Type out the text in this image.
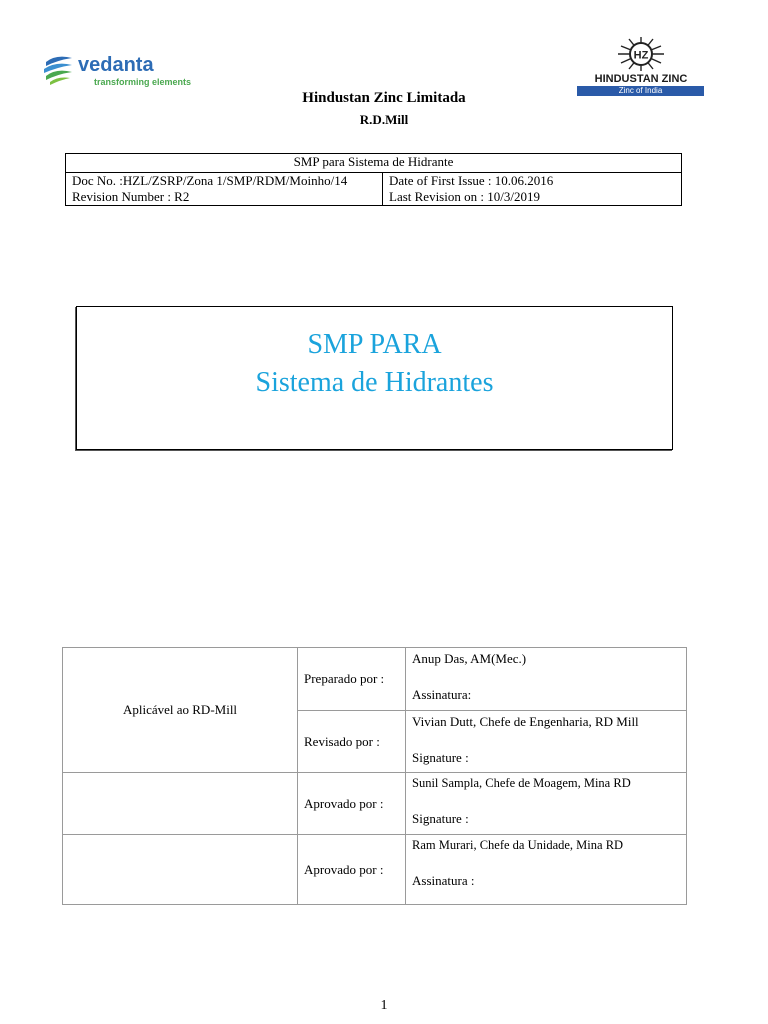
vedanta
transforming elements
HZ
HINDUSTAN ZINC
Zinc of India
Hindustan Zinc Limitada
R.D.Mill
SMP para Sistema de Hidrante

Doc No. :HZL/ZSRP/Zona 1/SMP/RDM/Moinho/14
Revision Number : R2

Date of First Issue : 10.06.2016
Last Revision on : 10/3/2019
SMP PARA
Sistema de Hidrantes
Aplicável ao RD-Mill	Preparado por :	Anup Das, AM(Mec.)
Assinatura:

	Revisado por :	Vivian Dutt, Chefe de Engenharia, RD Mill
Signature :

	Aprovado por :	Sunil Sampla, Chefe de Moagem, Mina RD
Signature :

	Aprovado por :	Ram Murari, Chefe da Unidade, Mina RD
Assinatura :
1
